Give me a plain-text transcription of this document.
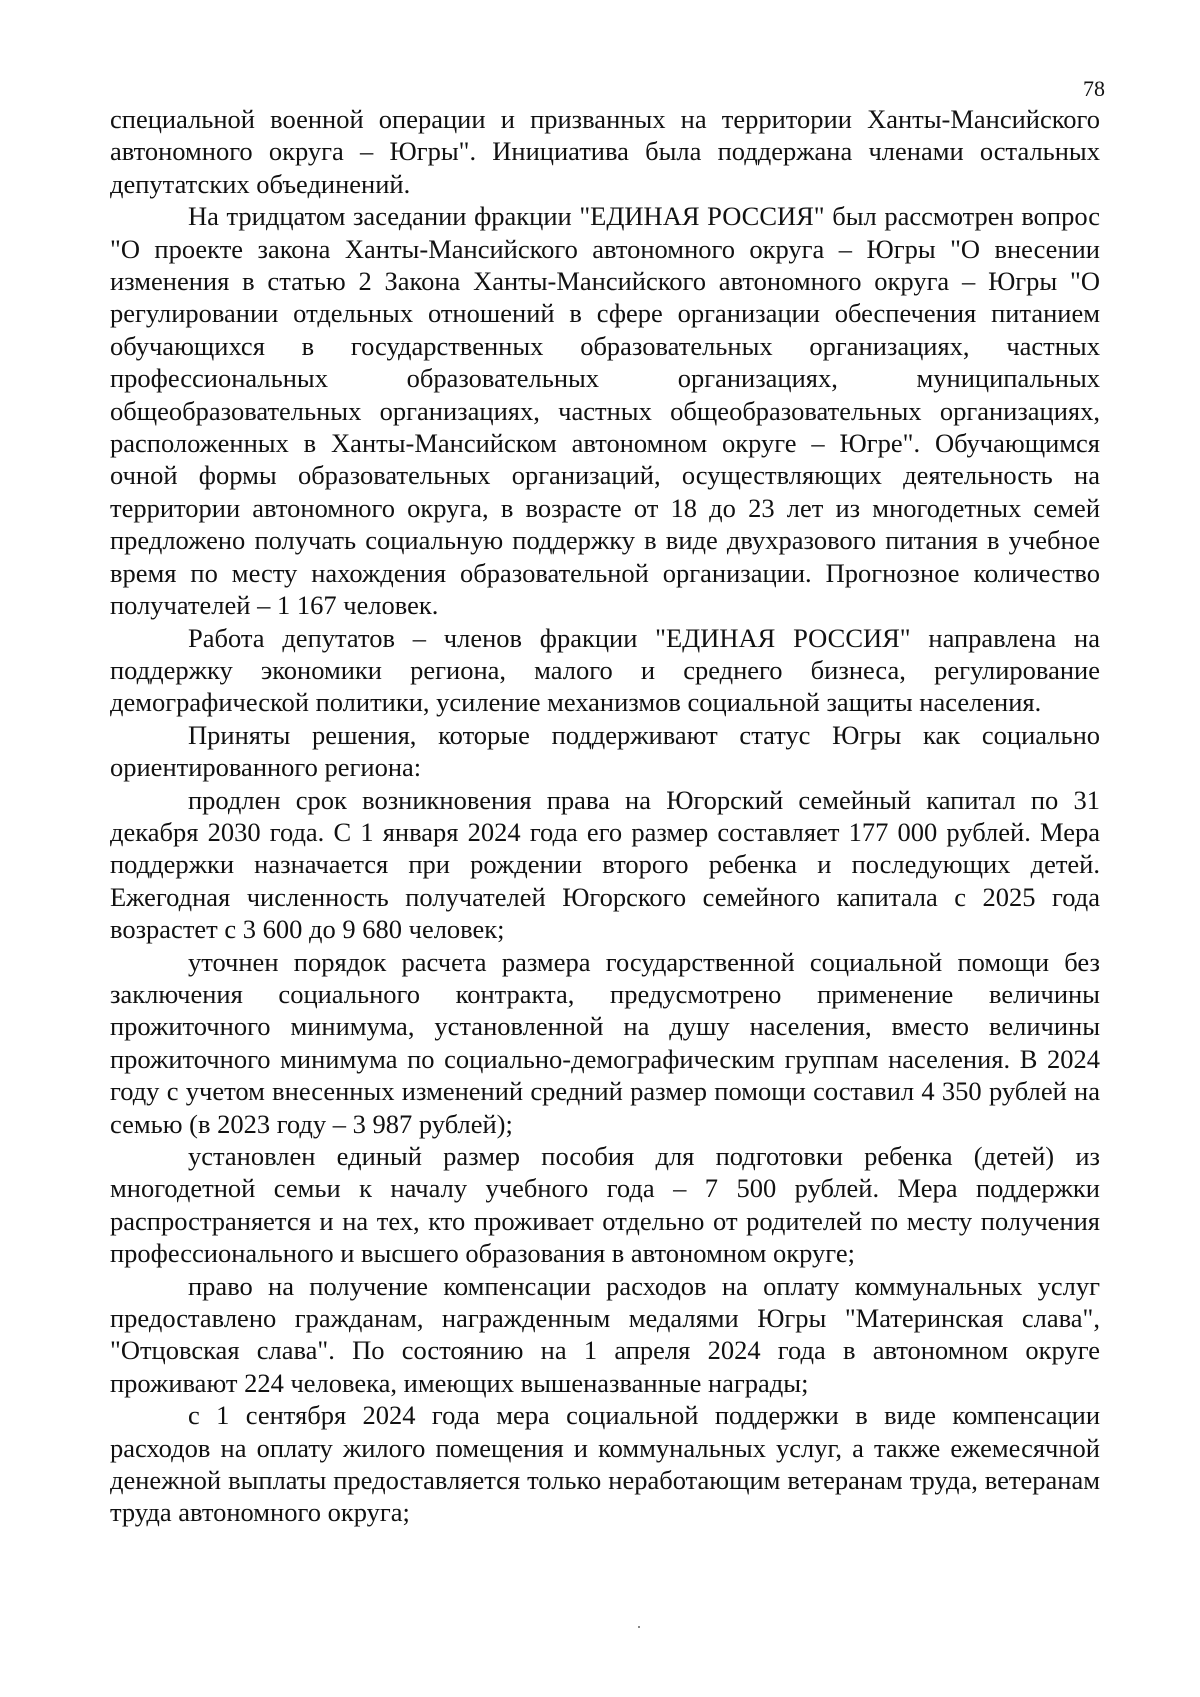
78

специальной военной операции и призванных на территории Ханты-Мансийского автономного округа – Югры". Инициатива была поддержана членами остальных депутатских объединений.

На тридцатом заседании фракции "ЕДИНАЯ РОССИЯ" был рассмотрен вопрос "О проекте закона Ханты-Мансийского автономного округа – Югры "О внесении изменения в статью 2 Закона Ханты-Мансийского автономного округа – Югры "О регулировании отдельных отношений в сфере организации обеспечения питанием обучающихся в государственных образовательных организациях, частных профессиональных образовательных организациях, муниципальных общеобразовательных организациях, частных общеобразовательных организациях, расположенных в Ханты-Мансийском автономном округе – Югре". Обучающимся очной формы образовательных организаций, осуществляющих деятельность на территории автономного округа, в возрасте от 18 до 23 лет из многодетных семей предложено получать социальную поддержку в виде двухразового питания в учебное время по месту нахождения образовательной организации. Прогнозное количество получателей – 1 167 человек.

Работа депутатов – членов фракции "ЕДИНАЯ РОССИЯ" направлена на поддержку экономики региона, малого и среднего бизнеса, регулирование демографической политики, усиление механизмов социальной защиты населения.

Приняты решения, которые поддерживают статус Югры как социально ориентированного региона:

продлен срок возникновения права на Югорский семейный капитал по 31 декабря 2030 года. С 1 января 2024 года его размер составляет 177 000 рублей. Мера поддержки назначается при рождении второго ребенка и последующих детей. Ежегодная численность получателей Югорского семейного капитала с 2025 года возрастет с 3 600 до 9 680 человек;

уточнен порядок расчета размера государственной социальной помощи без заключения социального контракта, предусмотрено применение величины прожиточного минимума, установленной на душу населения, вместо величины прожиточного минимума по социально-демографическим группам населения. В 2024 году с учетом внесенных изменений средний размер помощи составил 4 350 рублей на семью (в 2023 году – 3 987 рублей);

установлен единый размер пособия для подготовки ребенка (детей) из многодетной семьи к началу учебного года – 7 500 рублей. Мера поддержки распространяется и на тех, кто проживает отдельно от родителей по месту получения профессионального и высшего образования в автономном округе;

право на получение компенсации расходов на оплату коммунальных услуг предоставлено гражданам, награжденным медалями Югры "Материнская слава", "Отцовская слава". По состоянию на 1 апреля 2024 года в автономном округе проживают 224 человека, имеющих вышеназванные награды;

с 1 сентября 2024 года мера социальной поддержки в виде компенсации расходов на оплату жилого помещения и коммунальных услуг, а также ежемесячной денежной выплаты предоставляется только неработающим ветеранам труда, ветеранам труда автономного округа;
